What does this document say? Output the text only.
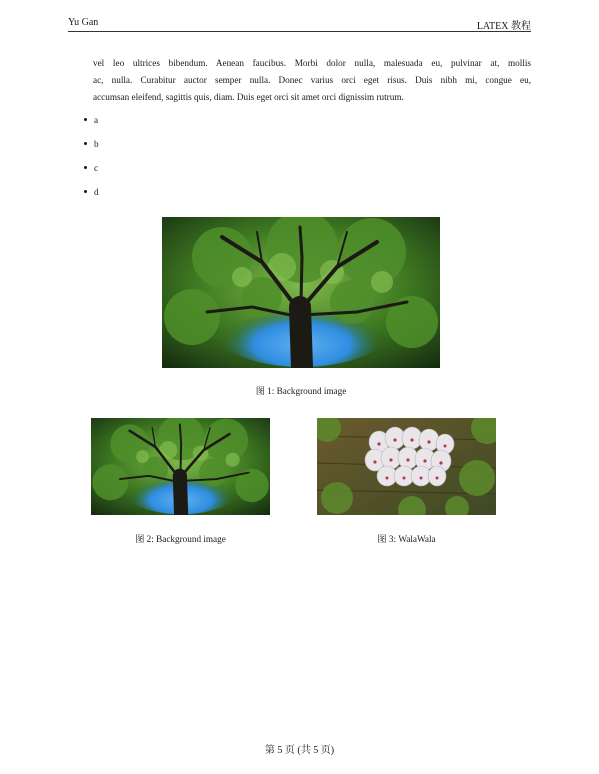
Yu Gan	LATEX 教程
vel leo ultrices bibendum. Aenean faucibus. Morbi dolor nulla, malesuada eu, pulvinar at, mollis
ac, nulla. Curabitur auctor semper nulla. Donec varius orci eget risus. Duis nibh mi, congue eu,
accumsan eleifend, sagittis quis, diam. Duis eget orci sit amet orci dignissim rutrum.
a
b
c
d
图 1: Background image
图 2: Background image	图 3: WalaWala
第 5 页 (共 5 页)
